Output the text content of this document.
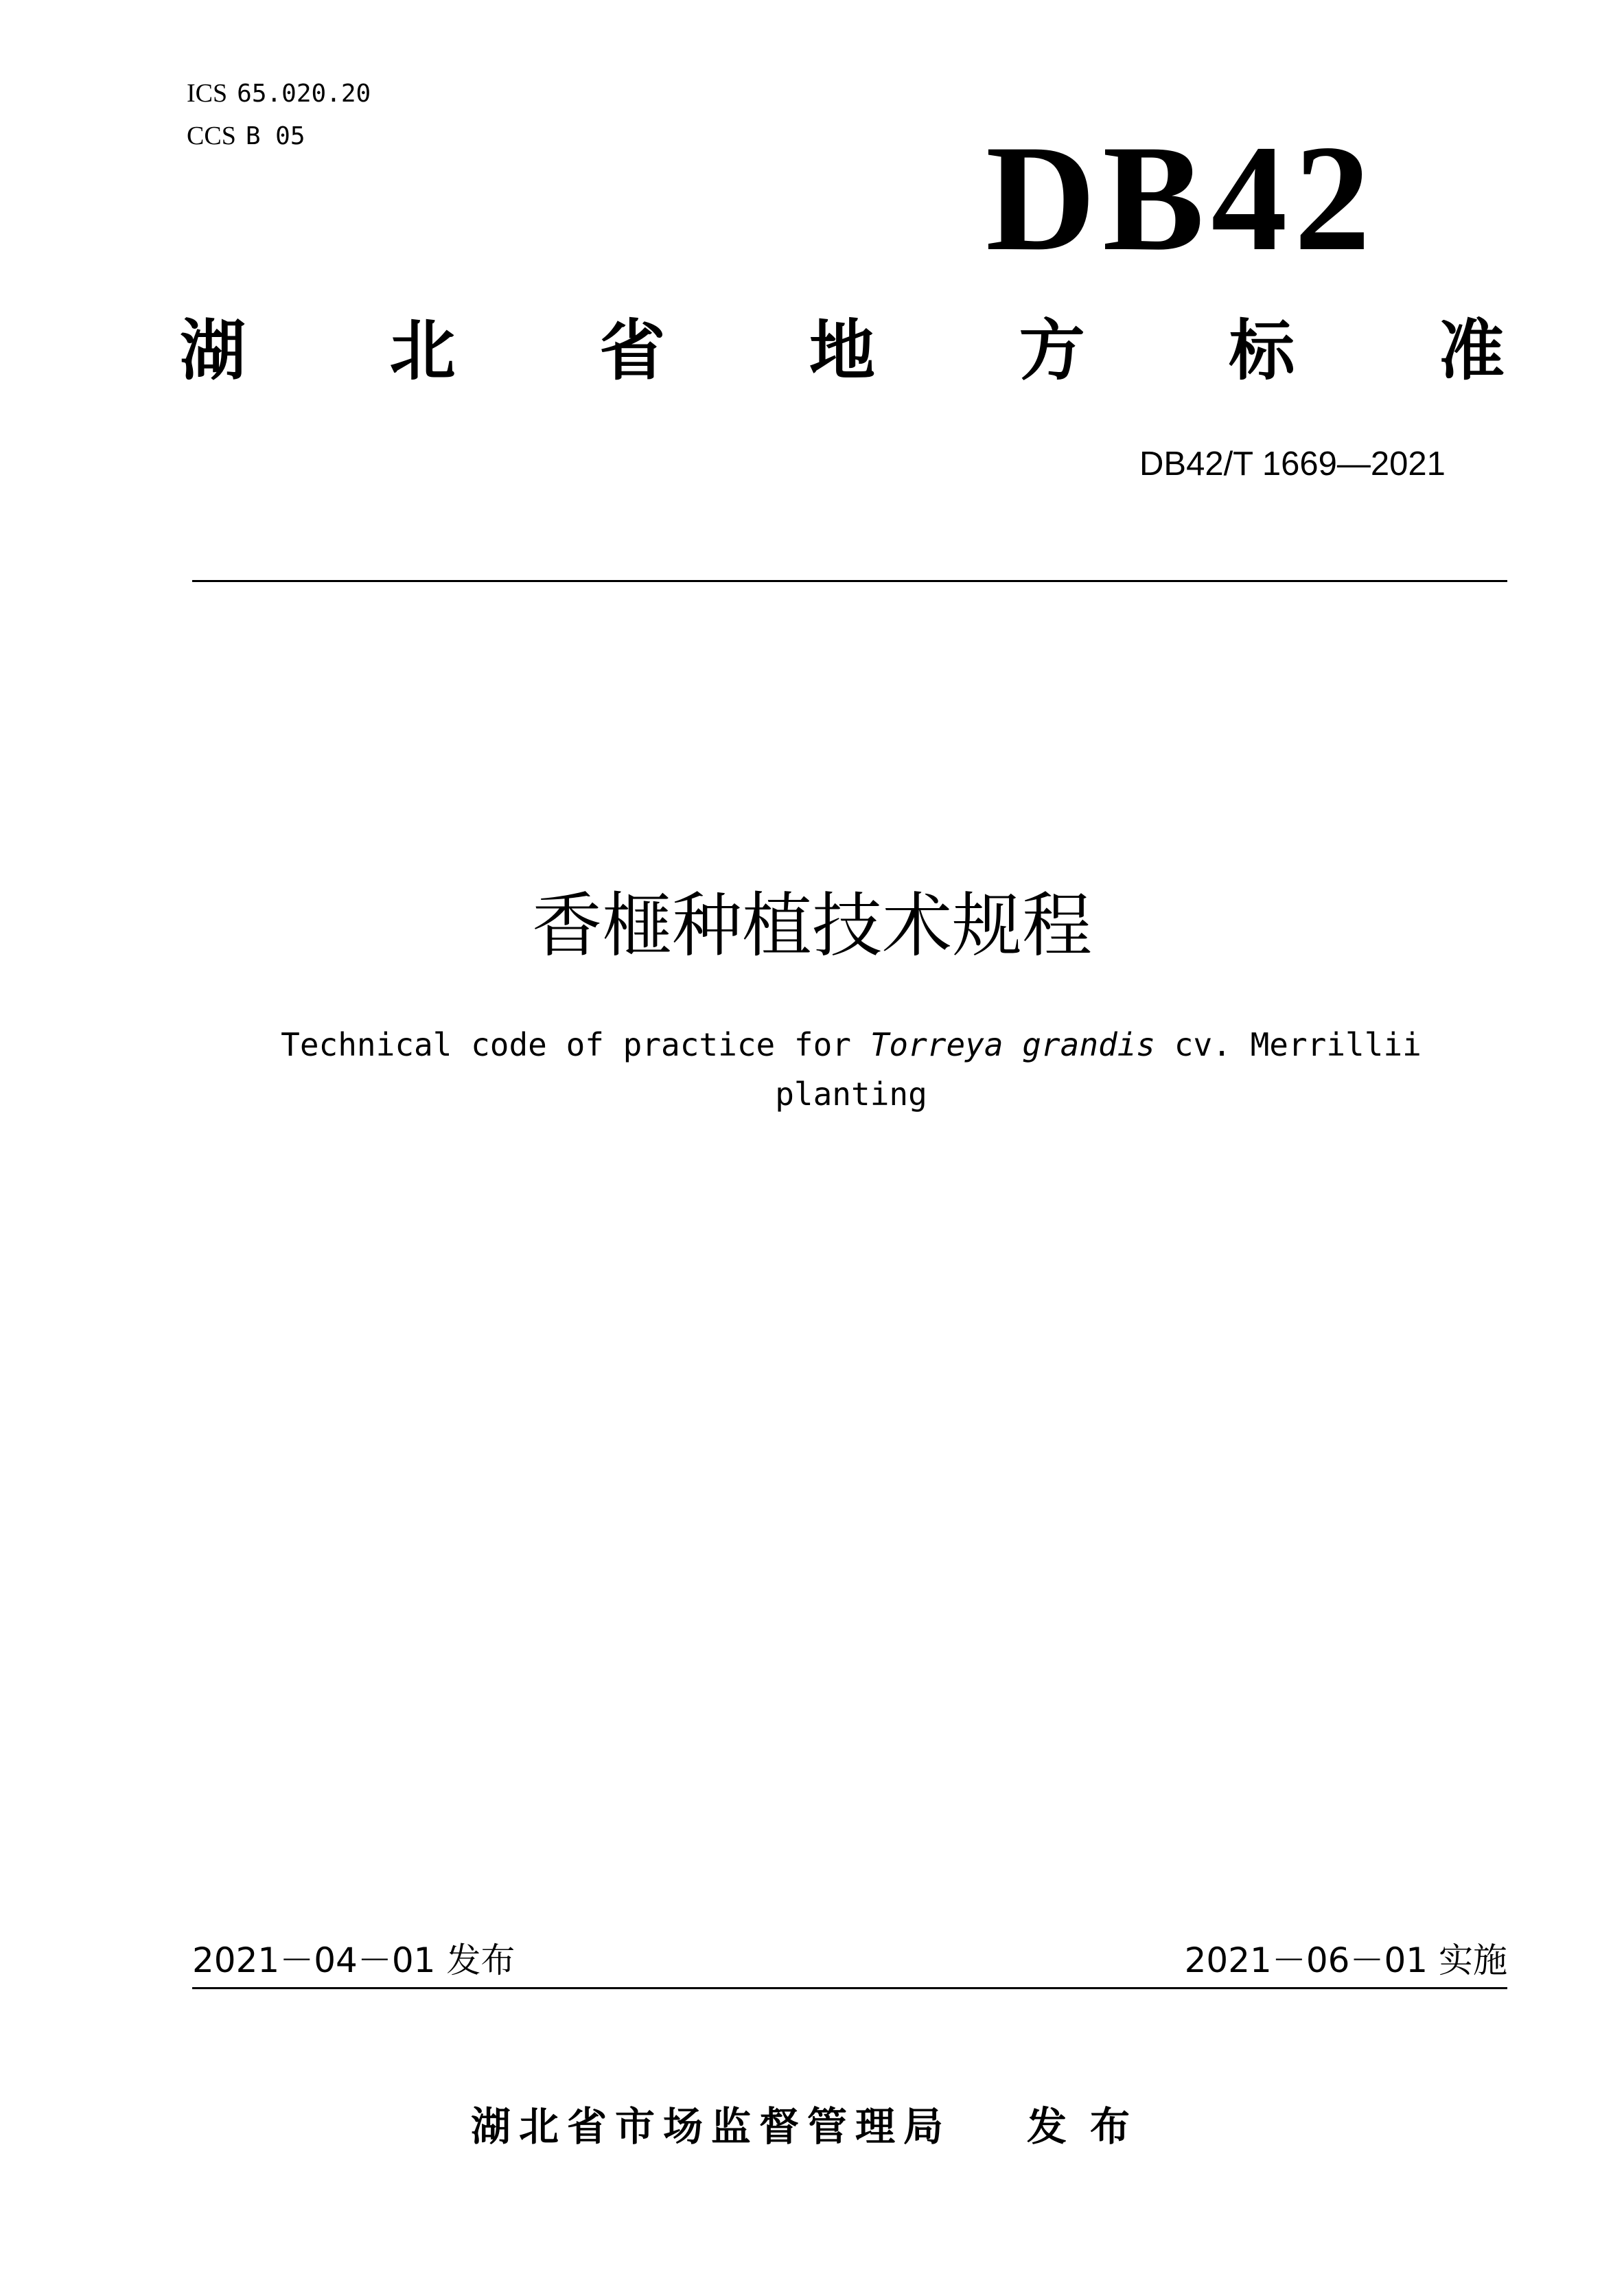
ICS 65.020.20
CCS B 05	DB42
湖 北 省 地 方 标 准
DB42/T 1669—2021
香榧种植技术规程
Technical code of practice for Torreya grandis cv. Merrillii planting
2021－04－01 发布	2021－06－01 实施
湖北省市场监督管理局 发布
